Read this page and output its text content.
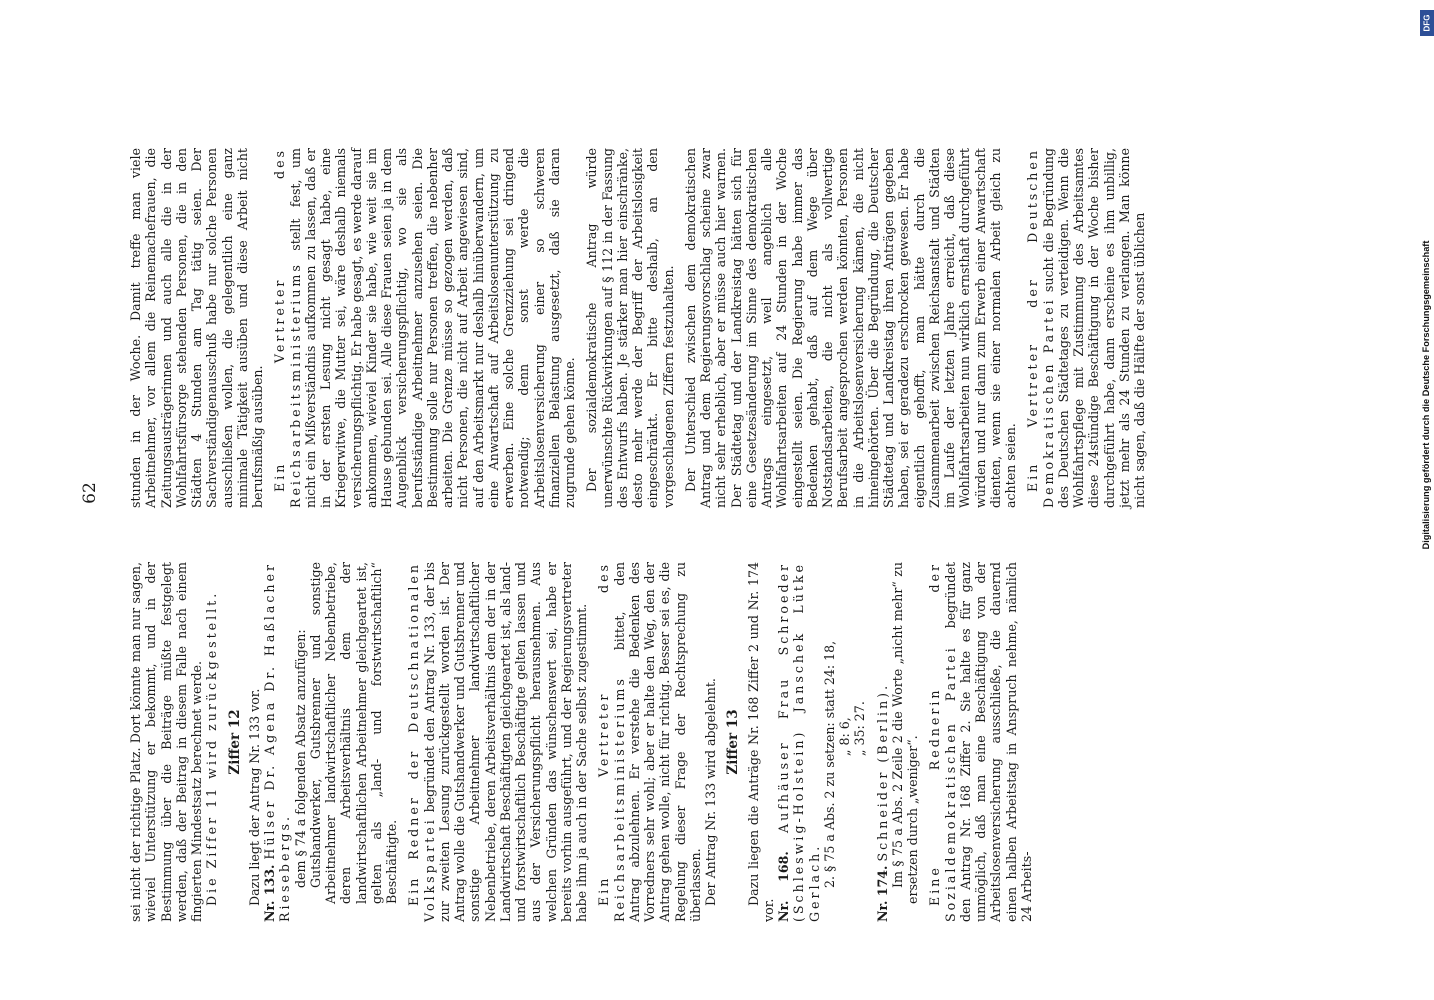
62

sei nicht der richtige Platz. Dort könnte man nur sagen, wieviel Unterstützung er bekommt, und in der Bestimmung über die Beiträge müßte festgelegt werden, daß der Beitrag in diesem Falle nach einem fingierten Mindestsatz berechnet werde. Die Ziffer 11 wird zurückgestellt. Ziffer 12 Dazu liegt der Antrag Nr. 133 vor. Nr. 133. Hülser Dr. Agena Dr. Haßlacher Riesebergs. dem § 74 a folgenden Absatz anzufügen: Gutshandwerker, Gutsbrenner und sonstige Arbeitnehmer landwirtschaftlicher Nebenbetriebe, deren Arbeitsverhältnis dem der landwirtschaftlichen Arbeitnehmer gleichgeartet ist, gelten als „land- und forstwirtschaftlich“ Beschäftigte. Ein Redner der Deutschnationalen Volkspartei begründet den Antrag Nr. 133, der bis zur zweiten Lesung zurückgestellt worden ist. Der Antrag wolle die Gutshandwerker und Gutsbrenner und sonstige Arbeitnehmer landwirtschaftlicher Nebenbetriebe, deren Arbeitsverhältnis dem der in der Landwirtschaft Beschäftigten gleichgeartet ist, als land- und forstwirtschaftlich Beschäftigte gelten lassen und aus der Versicherungspflicht herausnehmen. Aus welchen Gründen das wünschenswert sei, habe er bereits vorhin ausgeführt, und der Regierungsvertreter habe ihm ja auch in der Sache selbst zugestimmt. Ein Vertreter des Reichsarbeitsministeriums bittet, den Antrag abzulehnen. Er verstehe die Bedenken des Vorredners sehr wohl; aber er halte den Weg, den der Antrag gehen wolle, nicht für richtig. Besser sei es, die Regelung dieser Frage der Rechtsprechung zu überlassen. Der Antrag Nr. 133 wird abgelehnt. Ziffer 13 Dazu liegen die Anträge Nr. 168 Ziffer 2 und Nr. 174 vor. Nr. 168. Aufhäuser Frau Schroeder (Schleswig-Holstein) Janschek Lütke Gerlach. 2. § 75 a Abs. 2 zu setzen: statt 24: 18, „ 8: 6, „ 35: 27.

Nr. 174. Schneider (Berlin). Im § 75 a Abs. 2 Zeile 2 die Worte „nicht mehr“ zu ersetzen durch „weniger“. Eine Rednerin der Sozialdemokratischen Partei begründet den Antrag Nr. 168 Ziffer 2. Sie halte es für ganz unmöglich, daß man eine Beschäftigung von der Arbeitslosenversicherung ausschließe, die dauernd einen halben Arbeitstag in Anspruch nehme, nämlich 24 Arbeits-

stunden in der Woche. Damit treffe man viele Arbeitnehmer, vor allem die Reinemachefrauen, die Zeitungsausträgerinnen und auch alle die in der Wohlfahrtsfürsorge stehenden Personen, die in den Städten 4 Stunden am Tag tätig seien. Der Sachverständigenausschuß habe nur solche Personen ausschließen wollen, die gelegentlich eine ganz minimale Tätigkeit ausüben und diese Arbeit nicht berufsmäßig ausüben. Ein Vertreter des Reichsarbeitsministeriums stellt fest, um nicht ein Mißverständnis aufkommen zu lassen, daß er in der ersten Lesung nicht gesagt habe, eine Kriegerwitwe, die Mutter sei, wäre deshalb niemals versicherungspflichtig. Er habe gesagt, es werde darauf ankommen, wieviel Kinder sie habe, wie weit sie im Hause gebunden sei. Alle diese Frauen seien ja in dem Augenblick versicherungspflichtig, wo sie als berufsständige Arbeitnehmer anzusehen seien. Die Bestimmung solle nur Personen treffen, die nebenher arbeiten. Die Grenze müsse so gezogen werden, daß nicht Personen, die nicht auf Arbeit angewiesen sind, auf den Arbeitsmarkt nur deshalb hinüberwandern, um eine Anwartschaft auf Arbeitslosenunterstützung zu erwerben. Eine solche Grenzziehung sei dringend notwendig; denn sonst werde die Arbeitslosenversicherung einer so schweren finanziellen Belastung ausgesetzt, daß sie daran zugrunde gehen könne. Der sozialdemokratische Antrag würde unerwünschte Rückwirkungen auf § 112 in der Fassung des Entwurfs haben. Je stärker man hier einschränke, desto mehr werde der Begriff der Arbeitslosigkeit eingeschränkt. Er bitte deshalb, an den vorgeschlagenen Ziffern festzuhalten. Der Unterschied zwischen dem demokratischen Antrag und dem Regierungsvorschlag scheine zwar nicht sehr erheblich, aber er müsse auch hier warnen. Der Städtetag und der Landkreistag hätten sich für eine Gesetzesänderung im Sinne des demokratischen Antrags eingesetzt, weil angeblich alle Wohlfahrtsarbeiten auf 24 Stunden in der Woche eingestellt seien. Die Regierung habe immer das Bedenken gehabt, daß auf dem Wege über Notstandsarbeiten, die nicht als vollwertige Berufsarbeit angesprochen werden könnten, Personen in die Arbeitslosenversicherung kämen, die nicht hineingehörten. Über die Begründung, die Deutscher Städtetag und Landkreistag ihren Anträgen gegeben haben, sei er geradezu erschrocken gewesen. Er habe eigentlich gehofft, man hätte durch die Zusammenarbeit zwischen Reichsanstalt und Städten im Laufe der letzten Jahre erreicht, daß diese Wohlfahrtsarbeiten nun wirklich ernsthaft durchgeführt würden und nur dann zum Erwerb einer Anwartschaft dienten, wenn sie einer normalen Arbeit gleich zu achten seien. Ein Vertreter der Deutschen Demokratischen Partei sucht die Begründung des Deutschen Städtetages zu verteidigen. Wenn die Wohlfahrtspflege mit Zustimmung des Arbeitsamtes diese 24stündige Beschäftigung in der Woche bisher durchgeführt habe, dann erscheine es ihm unbillig, jetzt mehr als 24 Stunden zu verlangen. Man könne nicht sagen, daß die Hälfte der sonst üblichen	Digitalisierung gefördert durch die Deutsche Forschungsgemeinschaft
DFG
